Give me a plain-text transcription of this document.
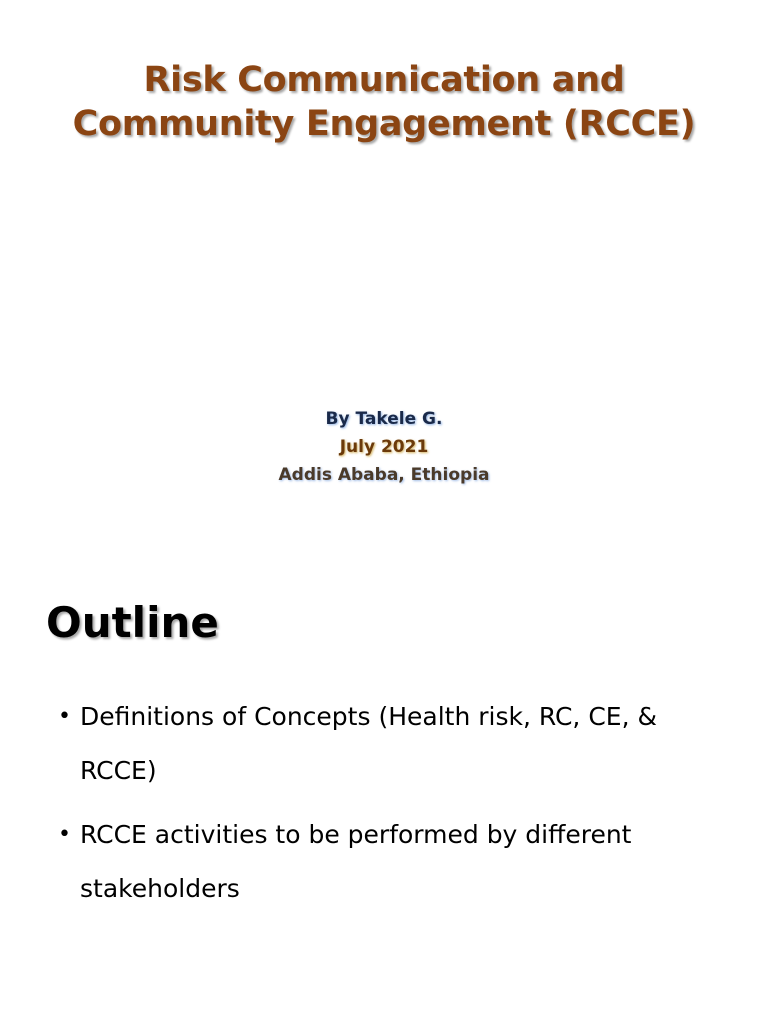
Risk Communication and
Community Engagement (RCCE)
By Takele G.
July 2021
Addis Ababa, Ethiopia
Outline
• Definitions of Concepts (Health risk, RC, CE, & RCCE)
• RCCE activities to be performed by different stakeholders
